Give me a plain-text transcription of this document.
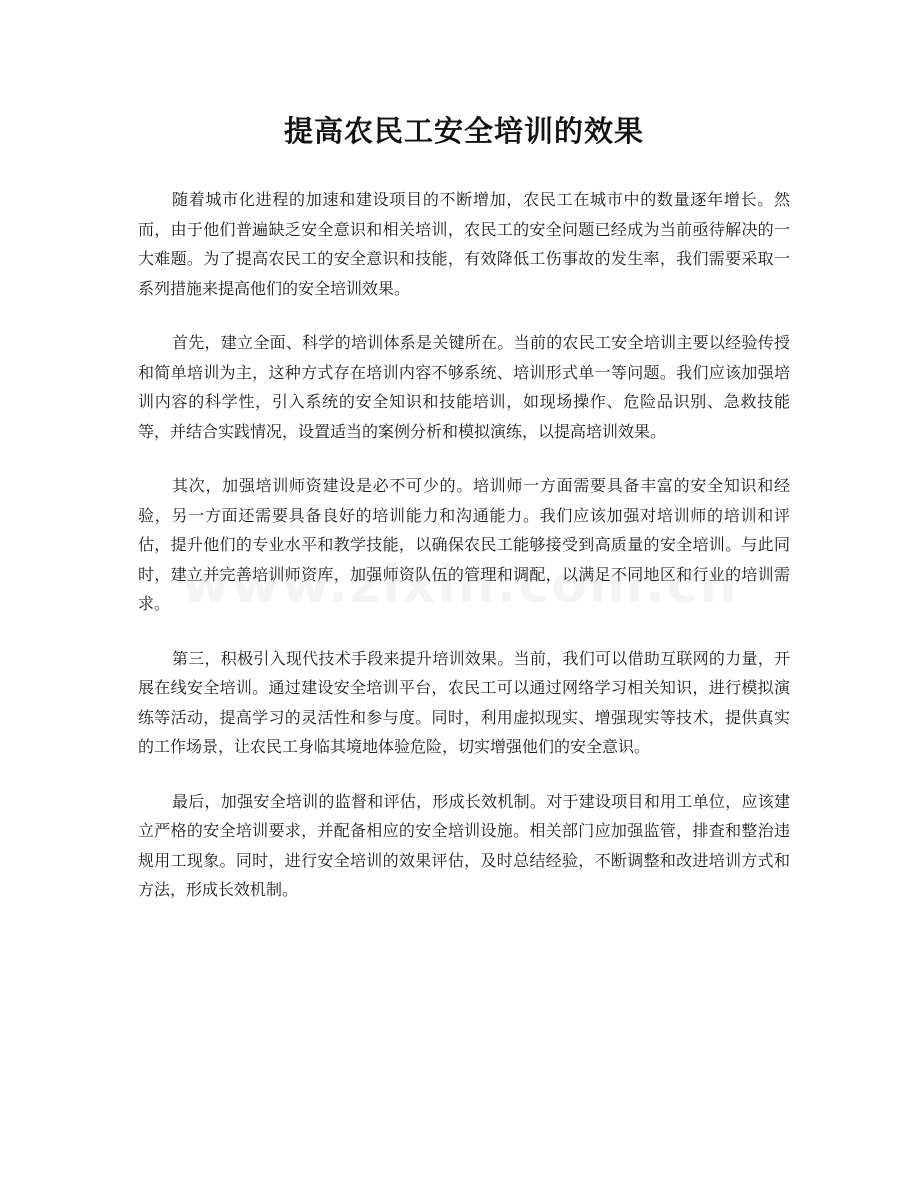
提高农民工安全培训的效果

随着城市化进程的加速和建设项目的不断增加，农民工在城市中的数量逐年增长。然而，由于他们普遍缺乏安全意识和相关培训，农民工的安全问题已经成为当前亟待解决的一大难题。为了提高农民工的安全意识和技能，有效降低工伤事故的发生率，我们需要采取一系列措施来提高他们的安全培训效果。

首先，建立全面、科学的培训体系是关键所在。当前的农民工安全培训主要以经验传授和简单培训为主，这种方式存在培训内容不够系统、培训形式单一等问题。我们应该加强培训内容的科学性，引入系统的安全知识和技能培训，如现场操作、危险品识别、急救技能等，并结合实践情况，设置适当的案例分析和模拟演练，以提高培训效果。

其次，加强培训师资建设是必不可少的。培训师一方面需要具备丰富的安全知识和经验，另一方面还需要具备良好的培训能力和沟通能力。我们应该加强对培训师的培训和评估，提升他们的专业水平和教学技能，以确保农民工能够接受到高质量的安全培训。与此同时，建立并完善培训师资库，加强师资队伍的管理和调配，以满足不同地区和行业的培训需求。

第三，积极引入现代技术手段来提升培训效果。当前，我们可以借助互联网的力量，开展在线安全培训。通过建设安全培训平台，农民工可以通过网络学习相关知识，进行模拟演练等活动，提高学习的灵活性和参与度。同时，利用虚拟现实、增强现实等技术，提供真实的工作场景，让农民工身临其境地体验危险，切实增强他们的安全意识。

最后，加强安全培训的监督和评估，形成长效机制。对于建设项目和用工单位，应该建立严格的安全培训要求，并配备相应的安全培训设施。相关部门应加强监管，排查和整治违规用工现象。同时，进行安全培训的效果评估，及时总结经验，不断调整和改进培训方式和方法，形成长效机制。
